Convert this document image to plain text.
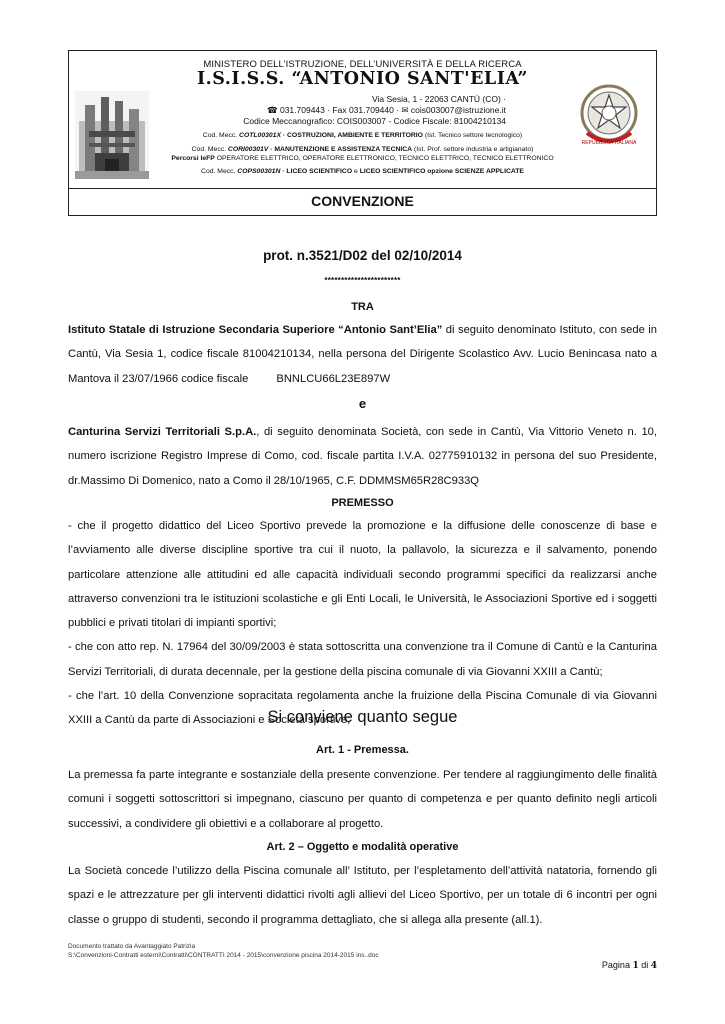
MINISTERO DELL’ISTRUZIONE, DELL’UNIVERSITÀ E DELLA RICERCA
I.S.I.S.S. “ANTONIO SANT'ELIA”
Via Sesia, 1 - 22063 CANTÙ (CO) ·
☎ 031.709443 · Fax 031.709440 · ✉ cois003007@istruzione.it
Codice Meccanografico: COIS003007 - Codice Fiscale: 81004210134
REPUBBLICA ITALIANA
Cod. Mecc. COTL00301X · COSTRUZIONI, AMBIENTE E TERRITORIO (Ist. Tecnico settore tecnologico)
Cod. Mecc. CORI00301V · MANUTENZIONE E ASSISTENZA TECNICA (Ist. Prof. settore industria e artigianato)
Percorsi IeFP OPERATORE ELETTRICO, OPERATORE ELETTRONICO, TECNICO ELETTRICO, TECNICO ELETTRONICO
Cod. Mecc. COPS00301N · LICEO SCIENTIFICO e LICEO SCIENTIFICO opzione SCIENZE APPLICATE
CONVENZIONE
prot. n.3521/D02 del 02/10/2014
***********************
TRA
Istituto Statale di Istruzione Secondaria Superiore “Antonio Sant’Elia” di seguito denominato Istituto, con sede in Cantù, Via Sesia 1, codice fiscale 81004210134, nella persona del Dirigente Scolastico Avv. Lucio Benincasa nato a Mantova il 23/07/1966 codice fiscale	BNNLCU66L23E897W
e
Canturina Servizi Territoriali S.p.A., di seguito denominata Società, con sede in Cantù, Via Vittorio Veneto n. 10, numero iscrizione Registro Imprese di Como, cod. fiscale partita I.V.A. 02775910132 in persona del suo Presidente, dr.Massimo Di Domenico, nato a Como il 28/10/1965, C.F. DDMMSM65R28C933Q
PREMESSO
- che il progetto didattico del Liceo Sportivo prevede la promozione e la diffusione delle conoscenze di base e l’avviamento alle diverse discipline sportive tra cui il nuoto, la pallavolo, la sicurezza e il salvamento, ponendo particolare attenzione alle attitudini ed alle capacità individuali secondo programmi specifici da realizzarsi anche attraverso convenzioni tra le istituzioni scolastiche e gli Enti Locali, le Università, le Associazioni Sportive ed i soggetti pubblici e privati titolari di impianti sportivi;
- che con atto rep. N. 17964 del 30/09/2003 è stata sottoscritta una convenzione tra il Comune di Cantù e la Canturina Servizi Territoriali, di durata decennale, per la gestione della piscina comunale di via Giovanni XXIII a Cantù;
- che l’art. 10 della Convenzione sopracitata regolamenta anche la fruizione della Piscina Comunale di via Giovanni XXIII a Cantù da parte di Associazioni e Società sportive;
Si conviene quanto segue
Art. 1 - Premessa.
La premessa fa parte integrante e sostanziale della presente convenzione. Per tendere al raggiungimento delle finalità comuni i soggetti sottoscrittori si impegnano, ciascuno per quanto di competenza e per quanto definito negli articoli successivi, a condividere gli obiettivi e a collaborare al progetto.
Art. 2 – Oggetto e modalità operative
La Società concede l’utilizzo della Piscina comunale all’ Istituto, per l’espletamento dell’attività natatoria, fornendo gli spazi e le attrezzature per gli interventi didattici rivolti agli allievi del Liceo Sportivo, per un totale di 6 incontri per ogni classe o gruppo di studenti, secondo il programma dettagliato, che si allega alla presente (all.1).
Documento trattato da Avantaggiato Patrizia
S:\Convenzioni-Contratti esterni\Contratti\CONTRATTI 2014 - 2015\convenzione piscina 2014-2015 ins..doc
Pagina 1 di 4
